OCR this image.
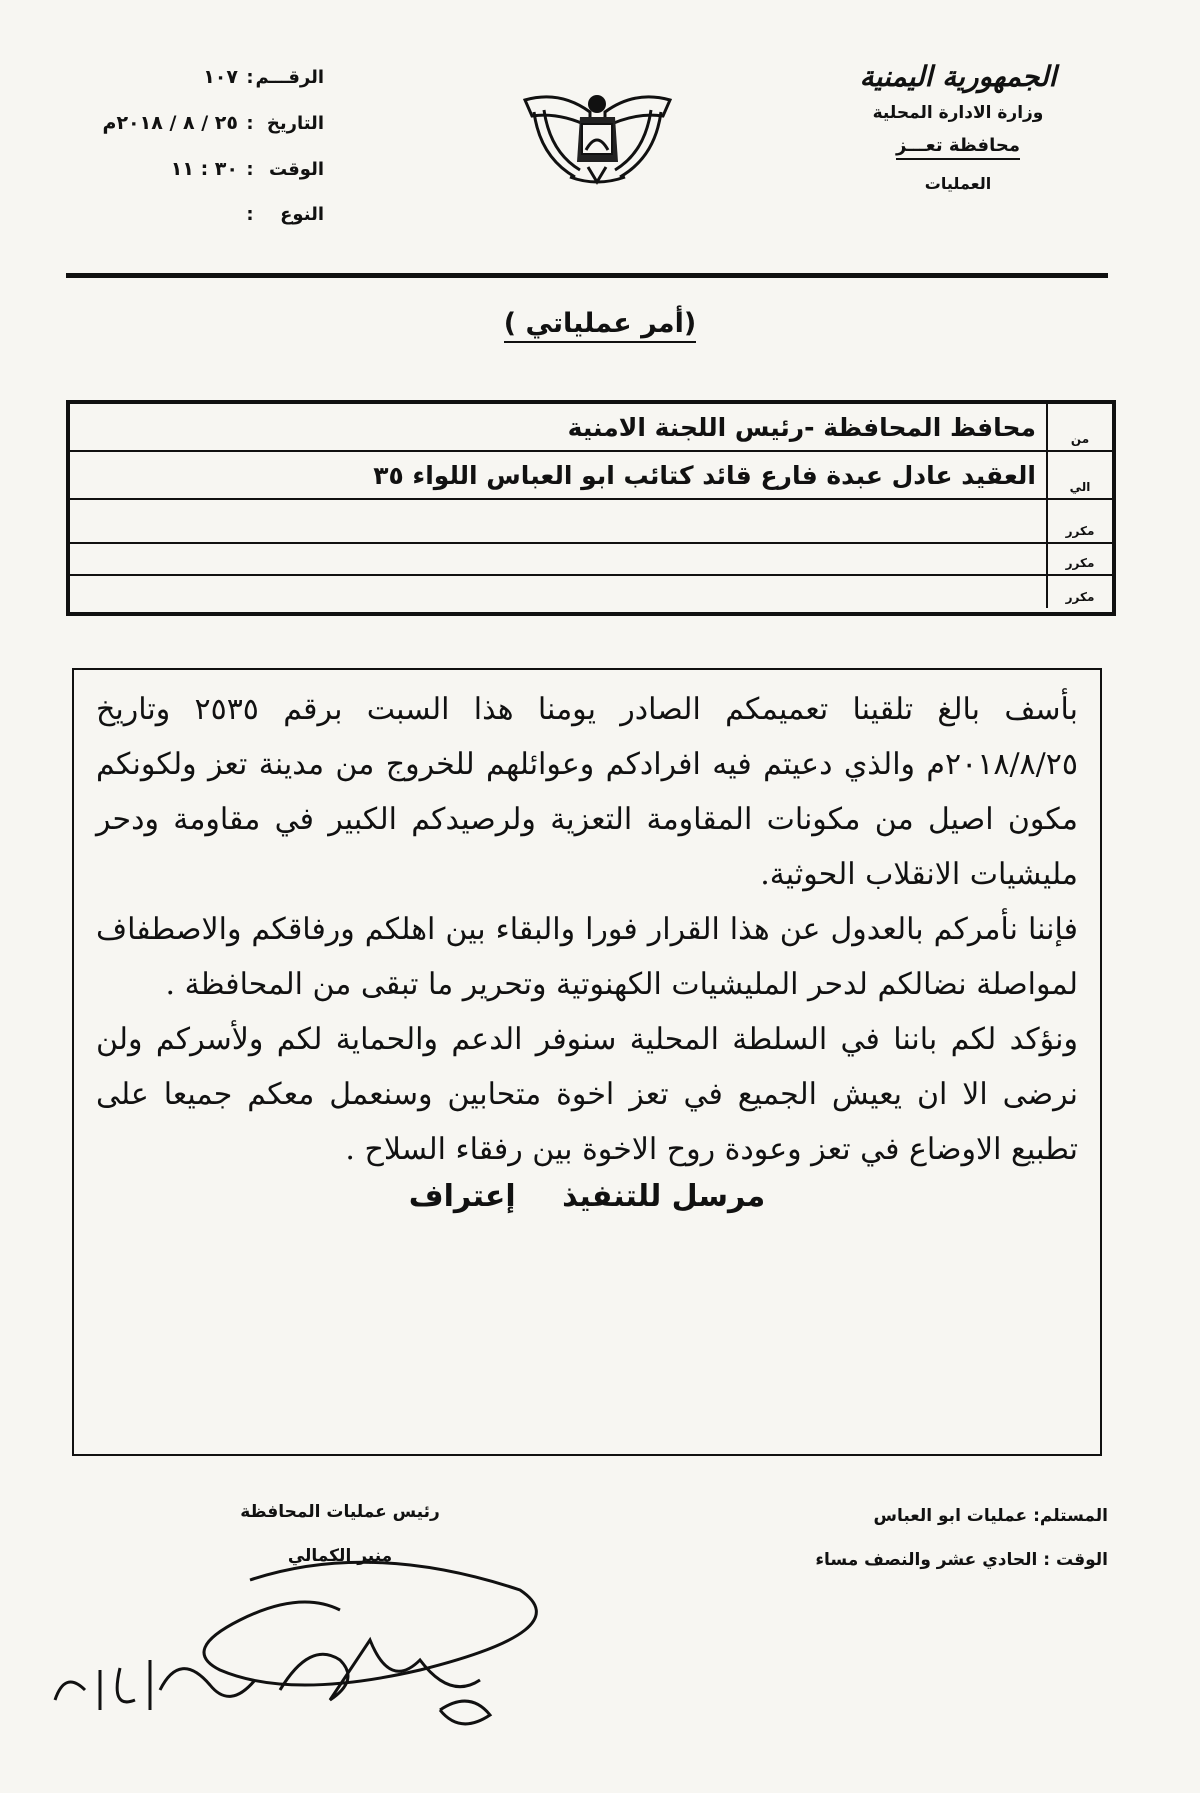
الجمهورية اليمنية
وزارة الادارة المحلية
محافظة تعـــز
العمليات
الرقـــم
:
١٠٧
التاريخ
:
٢٥ / ٨ / ٢٠١٨م
الوقت
:
٣٠ : ١١
النوع
:
(أمر عملياتي )
من
محافظ المحافظة -رئيس اللجنة الامنية
الي
العقيد عادل عبدة فارع قائد كتائب ابو العباس اللواء ٣٥
مكرر
مكرر
مكرر

بأسف بالغ تلقينا تعميمكم الصادر يومنا هذا السبت برقم ٢٥٣٥ وتاريخ ٢٠١٨/٨/٢٥م والذي دعيتم فيه افرادكم وعوائلهم للخروج من مدينة تعز ولكونكم مكون اصيل من مكونات المقاومة التعزية ولرصيدكم الكبير في مقاومة ودحر مليشيات الانقلاب الحوثية.

فإننا نأمركم بالعدول عن هذا القرار فورا والبقاء بين اهلكم ورفاقكم والاصطفاف لمواصلة نضالكم لدحر المليشيات الكهنوتية وتحرير ما تبقى من المحافظة .

ونؤكد لكم باننا في السلطة المحلية سنوفر الدعم والحماية لكم ولأسركم ولن نرضى الا ان يعيش الجميع في تعز اخوة متحابين وسنعمل معكم جميعا على تطبيع الاوضاع في تعز وعودة روح الاخوة بين رفقاء السلاح .

مرسل للتنفيذ إعتراف
رئيس عمليات المحافظة
منير الكمالي
المستلم: عمليات ابو العباس
الوقت : الحادي عشر والنصف مساء
